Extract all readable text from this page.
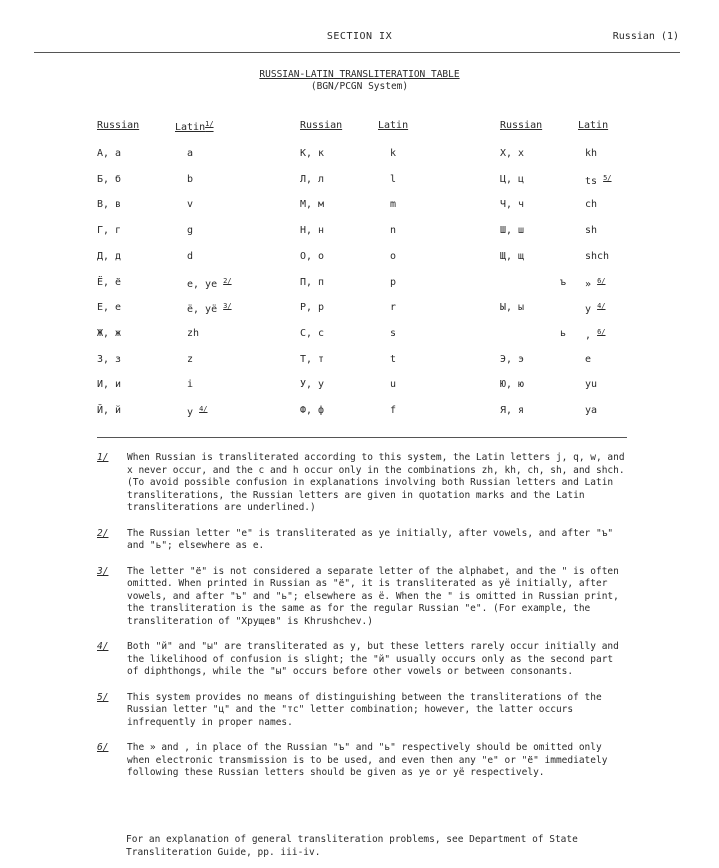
SECTION IX	Russian (1)
RUSSIAN-LATIN TRANSLITERATION TABLE
(BGN/PCGN System)
Russian	Latin$^{1/}$
А, а	a
Б, б	b
В, в	v
Г, г	g
Д, д	d
Ё, ё	e, ye $^{2/}$
Е, е	ë, yë $^{3/}$
Ж, ж	zh
З, з	z
И, и	i
Й, й	y $^{4/}$
Russian	Latin
К, к	k
Л, л	l
М, м	m
Н, н	n
О, о	o
П, п	p
Р, р	r
С, с	s
Т, т	t
У, у	u
Ф, ф	f
Russian	Latin
Х, х	kh
Ц, ц	ts $^{5/}$
Ч, ч	ch
Ш, ш	sh
Щ, щ	shch
ъ » $^{6/}$
Ы, ы	y $^{4/}$
ь , $^{6/}$
Э, э	e
Ю, ю	yu
Я, я	ya
1/ When Russian is transliterated according to this system, the Latin letters j, q, w, and x never occur, and the c and h occur only in the combinations zh, kh, ch, sh, and shch. (To avoid possible confusion in explanations involving both Russian letters and Latin transliterations, the Russian letters are given in quotation marks and the Latin transliterations are underlined.)
2/ The Russian letter "е" is transliterated as ye initially, after vowels, and after "ъ" and "ь"; elsewhere as e.
3/ The letter "ё" is not considered a separate letter of the alphabet, and the " is often omitted. When printed in Russian as "ё", it is transliterated as yë initially, after vowels, and after "ъ" and "ь"; elsewhere as ë. When the " is omitted in Russian print, the transliteration is the same as for the regular Russian "е". (For example, the transliteration of "Хрущев" is Khrushchev.)
4/ Both "й" and "ы" are transliterated as y, but these letters rarely occur initially and the likelihood of confusion is slight; the "й" usually occurs only as the second part of diphthongs, while the "ы" occurs before other vowels or between consonants.
5/ This system provides no means of distinguishing between the transliterations of the Russian letter "ц" and the "тс" letter combination; however, the latter occurs infrequently in proper names.
6/ The » and , in place of the Russian "ъ" and "ь" respectively should be omitted only when electronic transmission is to be used, and even then any "е" or "ё" immediately following these Russian letters should be given as ye or yë respectively.
For an explanation of general transliteration problems, see Department of State Transliteration Guide, pp. iii-iv.
